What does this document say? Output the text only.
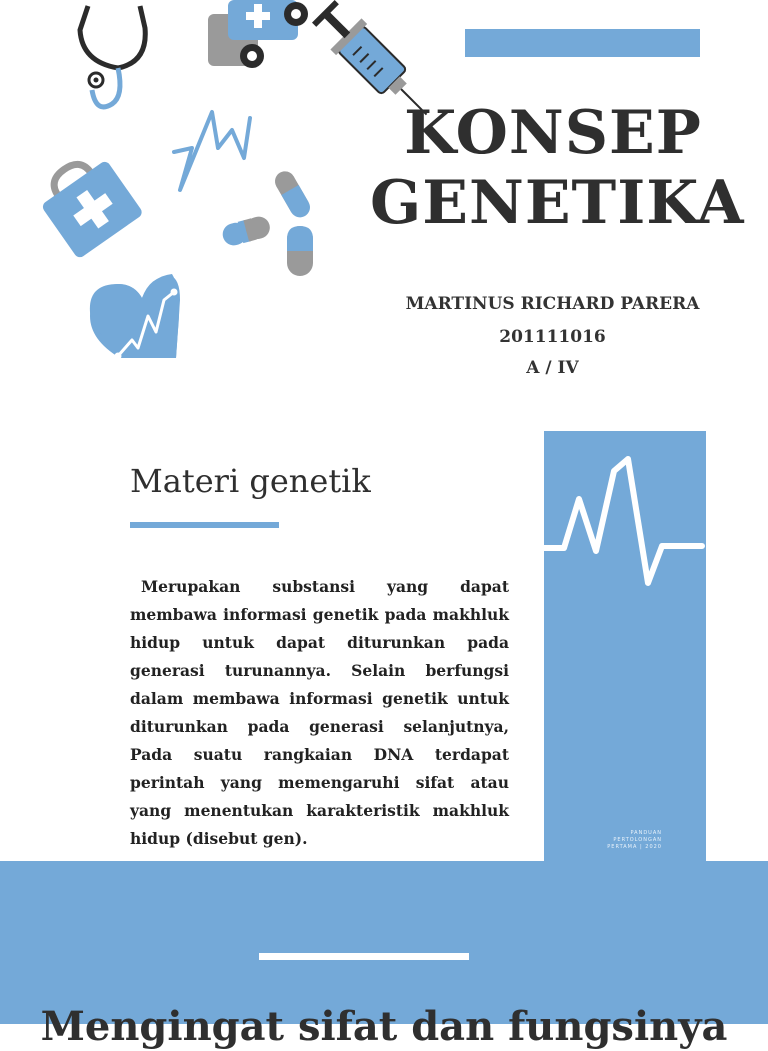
KONSEP
GENETIKA
MARTINUS RICHARD PARERA
201111016
A / IV
Materi genetik
Merupakan substansi yang dapat membawa informasi genetik pada makhluk hidup untuk dapat diturunkan pada generasi turunannya. Selain berfungsi dalam membawa informasi genetik untuk diturunkan pada generasi selanjutnya, Pada suatu rangkaian DNA terdapat perintah yang memengaruhi sifat atau yang menentukan karakteristik makhluk hidup (disebut gen).	PANDUAN
PERTOLONGAN
PERTAMA | 2020
Mengingat sifat dan fungsinya
